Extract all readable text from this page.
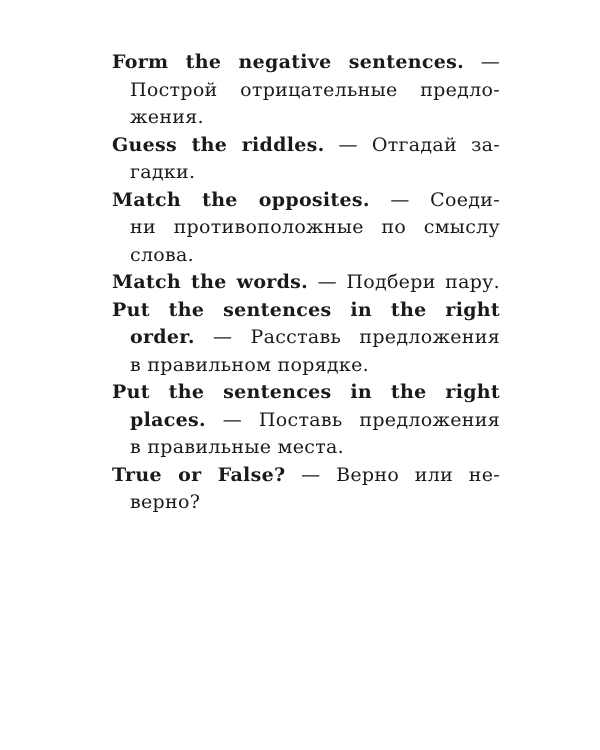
Form the negative sentences. —
Построй отрицательные предло-
жения.

Guess the riddles. — Отгадай за-
гадки.

Match the opposites. — Соеди-
ни противоположные по смыслу
слова.

Match the words. — Подбери пару.

Put the sentences in the right
order. — Расставь предложения
в правильном порядке.

Put the sentences in the right
places. — Поставь предложения
в правильные места.

True or False? — Верно или не-
верно?
